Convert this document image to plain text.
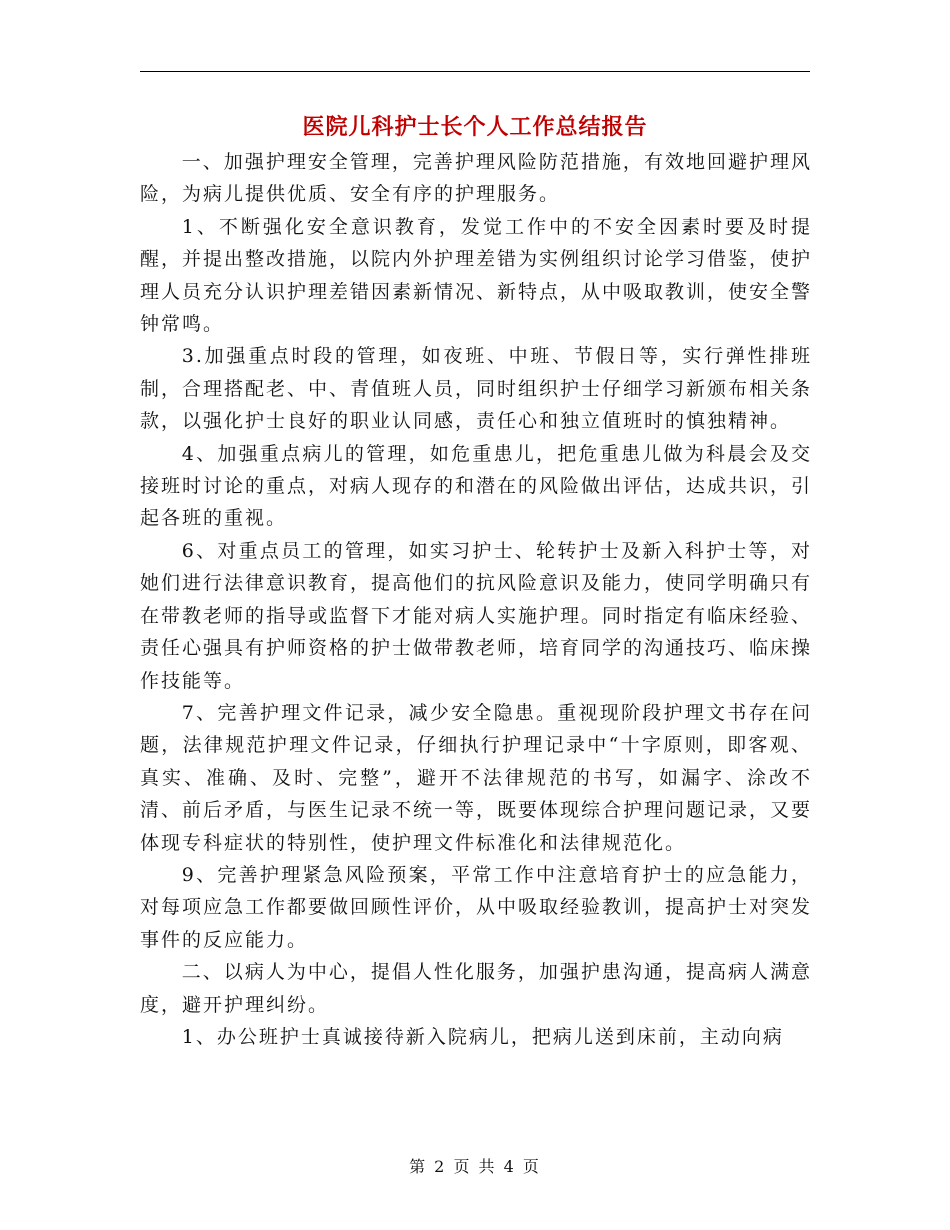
医院儿科护士长个人工作总结报告

一、加强护理安全管理，完善护理风险防范措施，有效地回避护理风险，为病儿提供优质、安全有序的护理服务。

1、不断强化安全意识教育，发觉工作中的不安全因素时要及时提醒，并提出整改措施，以院内外护理差错为实例组织讨论学习借鉴，使护理人员充分认识护理差错因素新情况、新特点，从中吸取教训，使安全警钟常鸣。

3.加强重点时段的管理，如夜班、中班、节假日等，实行弹性排班制，合理搭配老、中、青值班人员，同时组织护士仔细学习新颁布相关条款，以强化护士良好的职业认同感，责任心和独立值班时的慎独精神。

4、加强重点病儿的管理，如危重患儿，把危重患儿做为科晨会及交接班时讨论的重点，对病人现存的和潜在的风险做出评估，达成共识，引起各班的重视。

6、对重点员工的管理，如实习护士、轮转护士及新入科护士等，对她们进行法律意识教育，提高他们的抗风险意识及能力，使同学明确只有在带教老师的指导或监督下才能对病人实施护理。同时指定有临床经验、责任心强具有护师资格的护士做带教老师，培育同学的沟通技巧、临床操作技能等。

7、完善护理文件记录，减少安全隐患。重视现阶段护理文书存在问题，法律规范护理文件记录，仔细执行护理记录中“十字原则，即客观、真实、准确、及时、完整”，避开不法律规范的书写，如漏字、涂改不清、前后矛盾，与医生记录不统一等，既要体现综合护理问题记录，又要体现专科症状的特别性，使护理文件标准化和法律规范化。

9、完善护理紧急风险预案，平常工作中注意培育护士的应急能力，对每项应急工作都要做回顾性评价，从中吸取经验教训，提高护士对突发事件的反应能力。

二、以病人为中心，提倡人性化服务，加强护患沟通，提高病人满意度，避开护理纠纷。

1、办公班护士真诚接待新入院病儿，把病儿送到床前，主动向病

第 2 页 共 4 页
